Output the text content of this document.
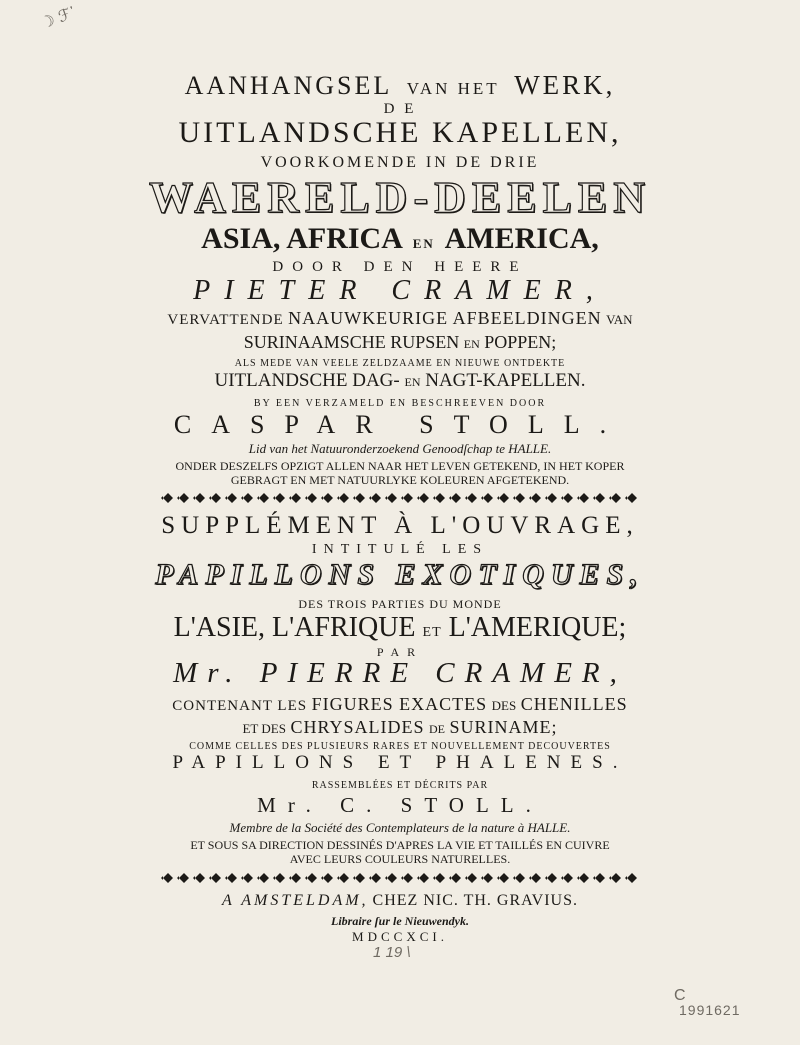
☽ ℱ᾽
AANHANGSEL VAN HET WERK,
D E
UITLANDSCHE KAPELLEN,
VOORKOMENDE IN DE DRIE
WAERELD-DEELEN
ASIA, AFRICA EN AMERICA,
DOOR DEN HEERE
PIETER CRAMER,
VERVATTENDE NAAUWKEURIGE AFBEELDINGEN VAN
SURINAAMSCHE RUPSEN EN POPPEN;
ALS MEDE VAN VEELE ZELDZAAME EN NIEUWE ONTDEKTE
UITLANDSCHE DAG- EN NAGT-KAPELLEN.
BY EEN VERZAMELD EN BESCHREEVEN DOOR
CASPAR STOLL.
Lid van het Natuuronderzoekend Genoodſchap te HALLE.
ONDER DESZELFS OPZIGT ALLEN NAAR HET LEVEN GETEKEND, IN HET KOPER
GEBRAGT EN MET NATUURLYKE KOLEUREN AFGETEKEND.
SUPPLÉMENT À L'OUVRAGE,
INTITULÉ LES
PAPILLONS EXOTIQUES,
DES TROIS PARTIES DU MONDE
L'ASIE, L'AFRIQUE ET L'AMERIQUE;
PAR
Mr. PIERRE CRAMER,
CONTENANT LES FIGURES EXACTES DES CHENILLES
ET DES CHRYSALIDES DE SURINAME;
COMME CELLES DES PLUSIEURS RARES ET NOUVELLEMENT DECOUVERTES
PAPILLONS ET PHALENES.
RASSEMBLÉES ET DÉCRITS PAR
Mr. C. STOLL.
Membre de la Société des Contemplateurs de la nature à HALLE.
ET SOUS SA DIRECTION DESSINÉS D'APRES LA VIE ET TAILLÉS EN CUIVRE
AVEC LEURS COULEURS NATURELLES.
A AMSTELDAM, CHEZ NIC. TH. GRAVIUS.
Libraire ſur le Nieuwendyk.
MDCCXCI.
1 19 \
C
1991621
